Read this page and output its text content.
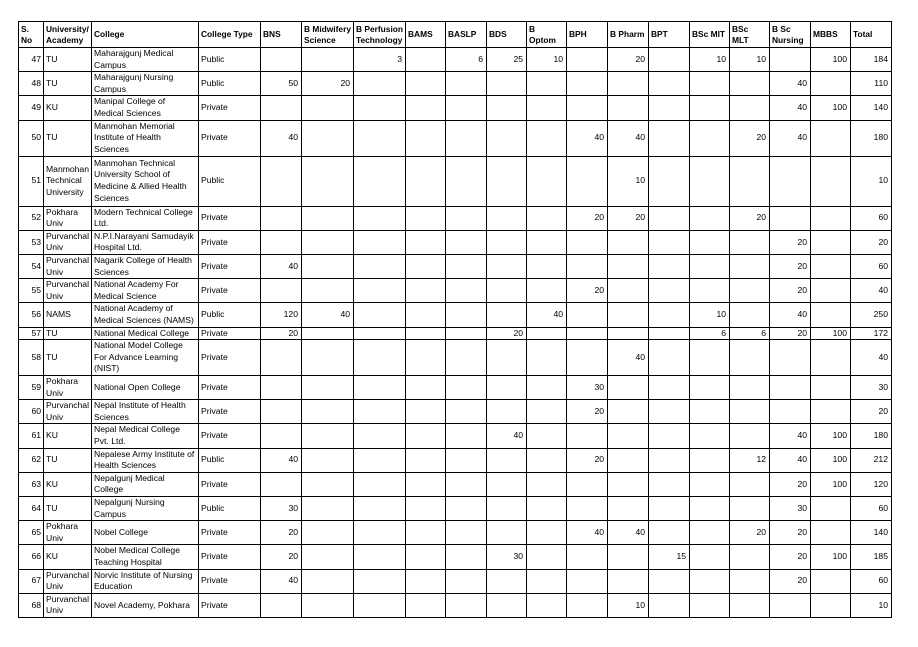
S. No	University/ Academy	College	College Type	BNS	B Midwifery Science	B Perfusion Technology	BAMS	BASLP	BDS	B Optom	BPH	B Pharm	BPT	BSc MIT	BSc MLT	B Sc Nursing	MBBS	Total
47	TU	Maharajgunj Medical Campus	Public			3		6	25	10		20		10	10		100	184
48	TU	Maharajgunj Nursing Campus	Public	50	20											40		110
49	KU	Manipal College of Medical Sciences	Private													40	100	140
50	TU	Manmohan Memorial Institute of Health Sciences	Private	40							40	40			20	40		180
51	Manmohan Technical University	Manmohan Technical University School of Medicine & Allied Health Sciences	Public									10						10
52	Pokhara Univ	Modern Technical College Ltd.	Private								20	20			20			60
53	Purvanchal Univ	N.P.I.Narayani Samudayik Hospital Ltd.	Private													20		20
54	Purvanchal Univ	Nagarik College of Health Sciences	Private	40												20		60
55	Purvanchal Univ	National Academy For Medical Science	Private								20					20		40
56	NAMS	National Academy of Medical Sciences (NAMS)	Public	120	40					40				10		40		250
57	TU	National Medical College	Private	20					20					6	6	20	100	172
58	TU	National Model College For Advance Learning (NIST)	Private									40						40
59	Pokhara Univ	National Open College	Private								30							30
60	Purvanchal Univ	Nepal Institute of Health Sciences	Private								20							20
61	KU	Nepal Medical College Pvt. Ltd.	Private						40							40	100	180
62	TU	Nepalese Army Institute of Health Sciences	Public	40							20				12	40	100	212
63	KU	Nepalgunj Medical College	Private													20	100	120
64	TU	Nepalgunj Nursing Campus	Public	30												30		60
65	Pokhara Univ	Nobel College	Private	20							40	40			20	20		140
66	KU	Nobel Medical College Teaching Hospital	Private	20					30				15			20	100	185
67	Purvanchal Univ	Norvic Institute of Nursing Education	Private	40												20		60
68	Purvanchal Univ	Novel Academy, Pokhara	Private									10						10
